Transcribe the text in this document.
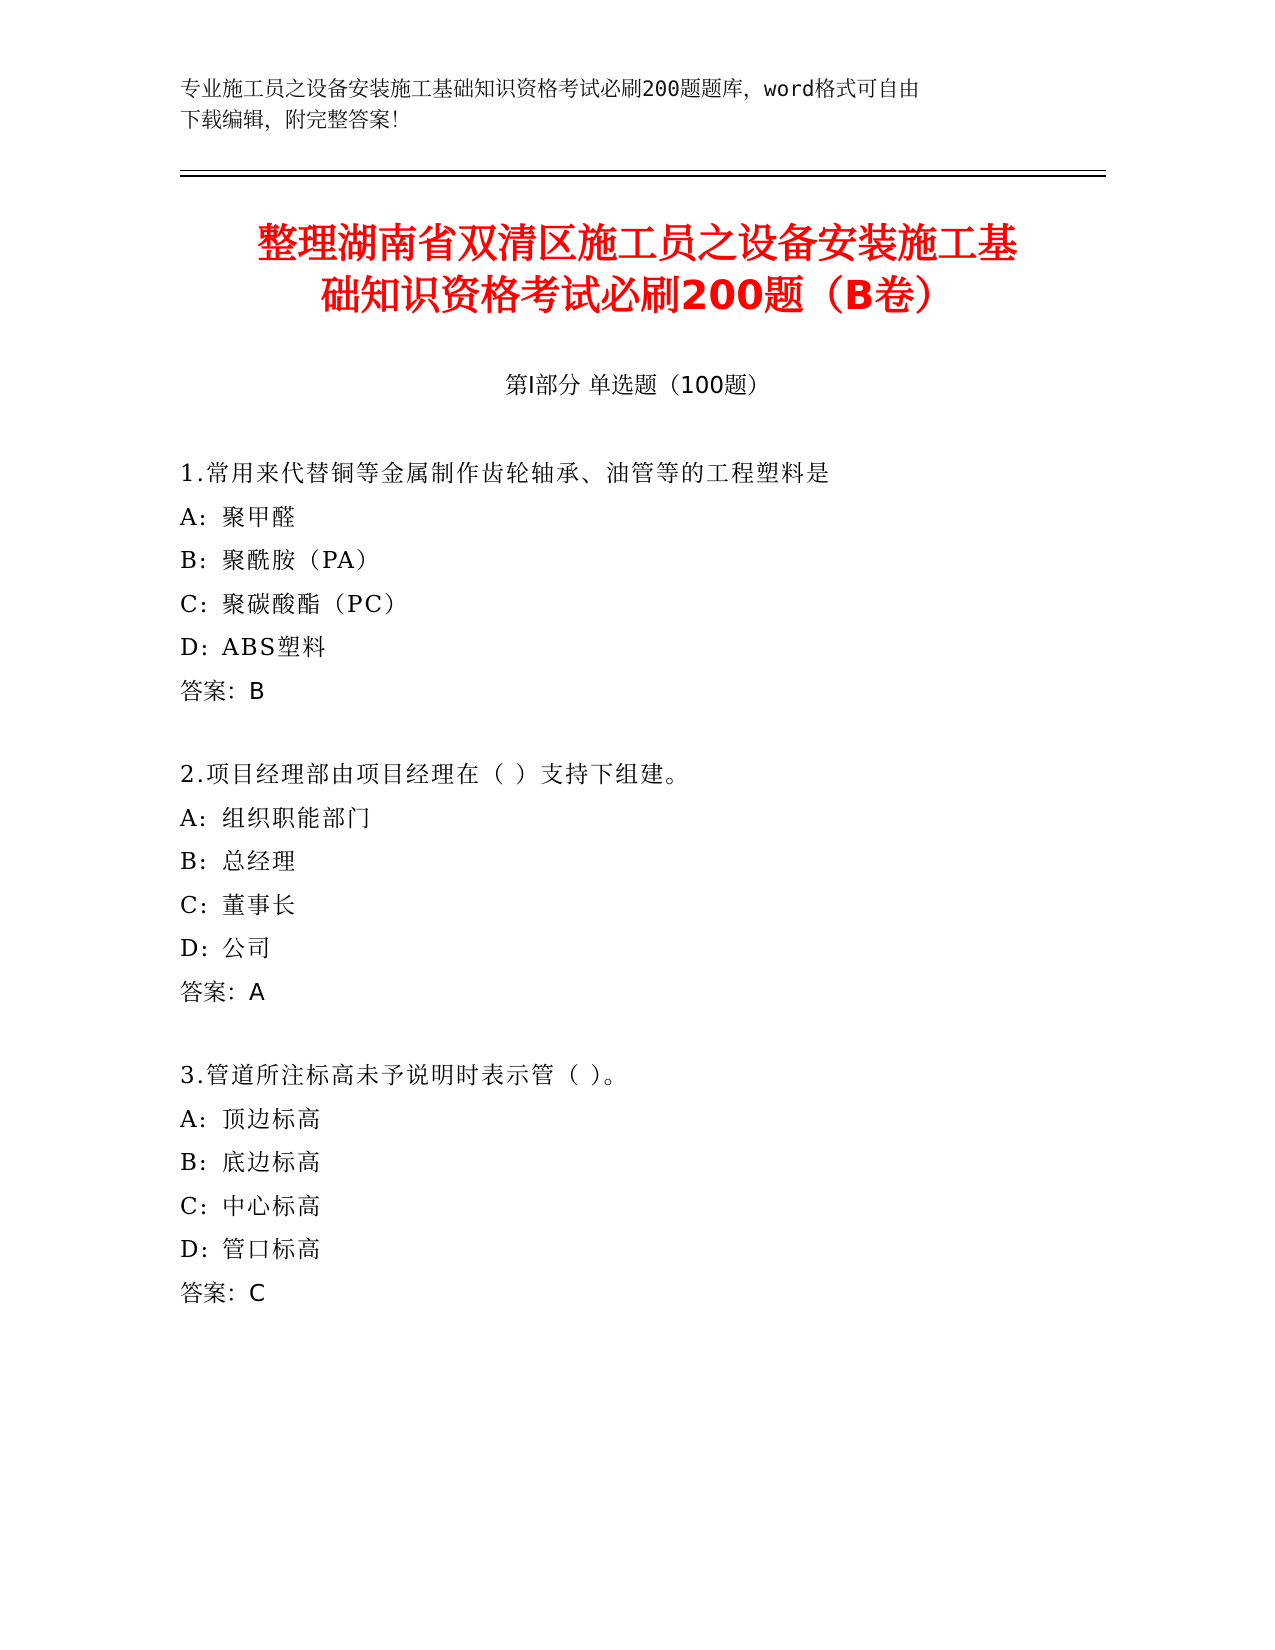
专业施工员之设备安装施工基础知识资格考试必刷200题题库，word格式可自由
下载编辑，附完整答案！
整理湖南省双清区施工员之设备安装施工基
础知识资格考试必刷200题（B卷）
第Ⅰ部分 单选题（100题）
1.常用来代替铜等金属制作齿轮轴承、油管等的工程塑料是
A: 聚甲醛
B: 聚酰胺（PA）
C: 聚碳酸酯（PC）
D: ABS塑料
答案：B
2.项目经理部由项目经理在（ ）支持下组建。
A: 组织职能部门
B: 总经理
C: 董事长
D: 公司
答案：A
3.管道所注标高未予说明时表示管（ ）。
A: 顶边标高
B: 底边标高
C: 中心标高
D: 管口标高
答案：C
